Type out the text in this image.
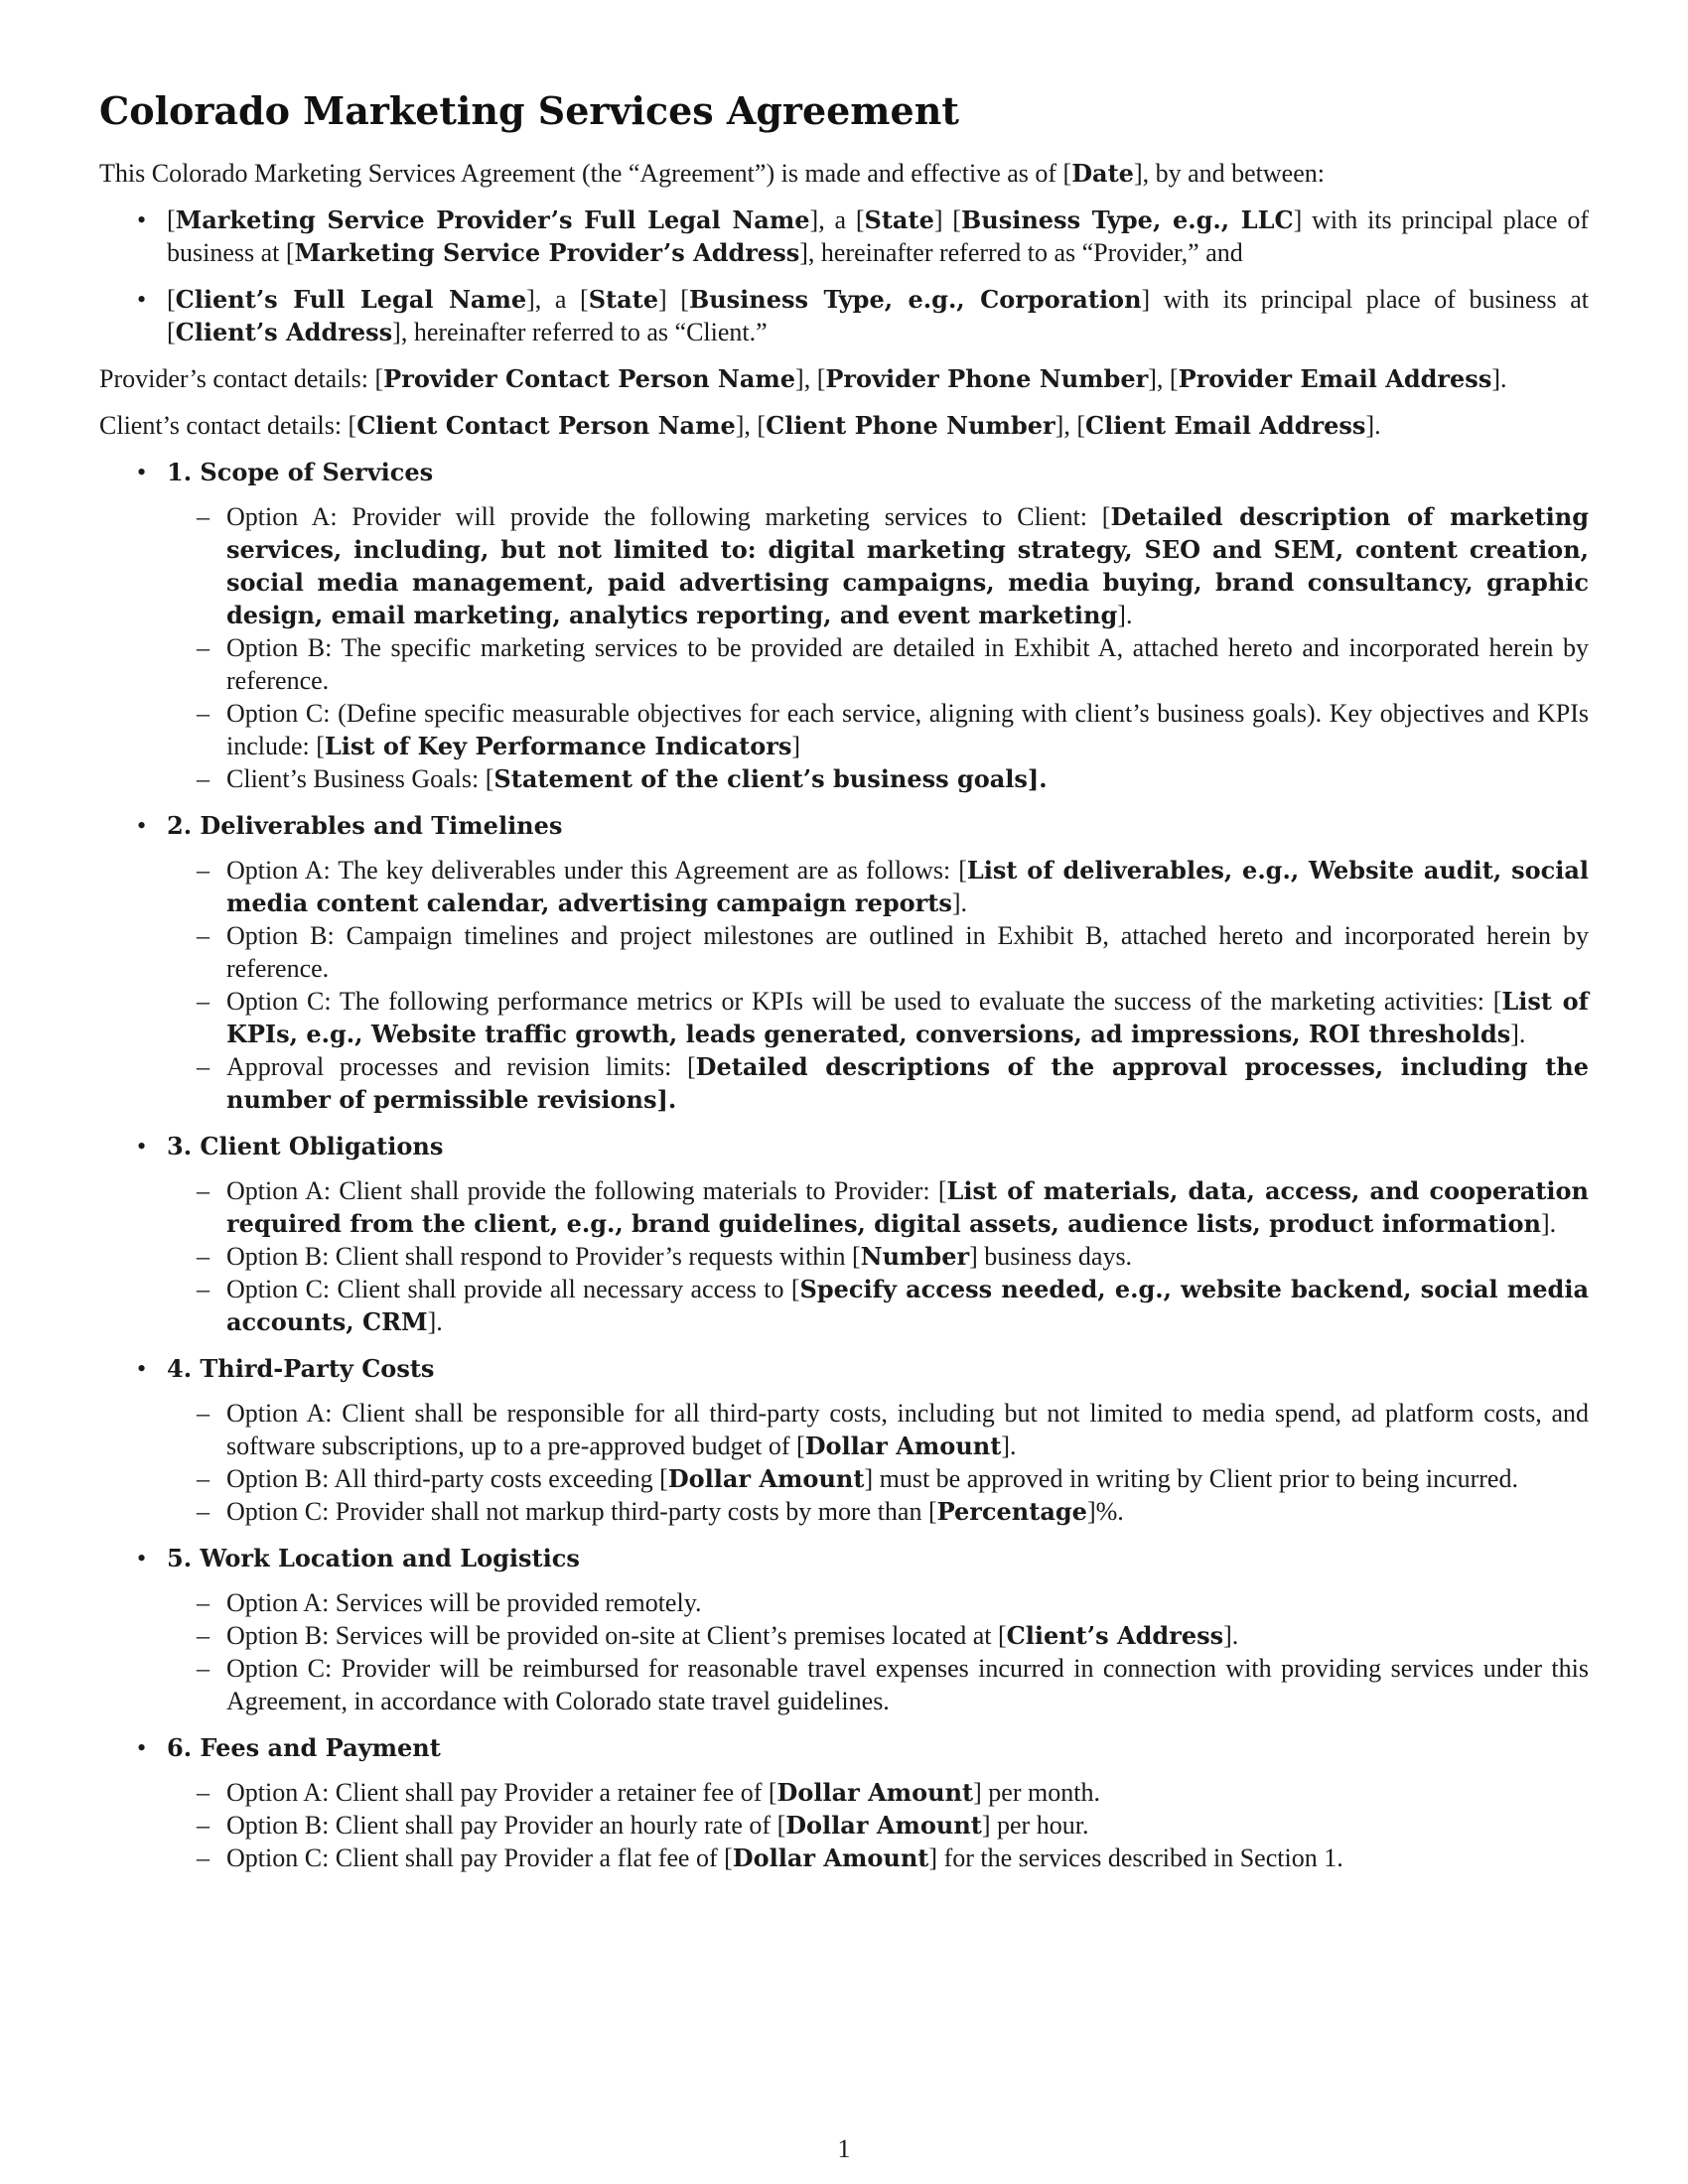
Colorado Marketing Services Agreement

This Colorado Marketing Services Agreement (the “Agreement”) is made and effective as of [Date], by and between:

• [Marketing Service Provider’s Full Legal Name], a [State] [Business Type, e.g., LLC] with its principal place of business at [Marketing Service Provider’s Address], hereinafter referred to as “Provider,” and
• [Client’s Full Legal Name], a [State] [Business Type, e.g., Corporation] with its principal place of business at [Client’s Address], hereinafter referred to as “Client.”

Provider’s contact details: [Provider Contact Person Name], [Provider Phone Number], [Provider Email Address].

Client’s contact details: [Client Contact Person Name], [Client Phone Number], [Client Email Address].

• 1. Scope of Services
– Option A: Provider will provide the following marketing services to Client: [Detailed description of marketing services, including, but not limited to: digital marketing strategy, SEO and SEM, content creation, social media management, paid advertising campaigns, media buying, brand consultancy, graphic design, email marketing, analytics reporting, and event marketing].
– Option B: The specific marketing services to be provided are detailed in Exhibit A, attached hereto and incorporated herein by reference.
– Option C: (Define specific measurable objectives for each service, aligning with client’s business goals). Key objectives and KPIs include: [List of Key Performance Indicators]
– Client’s Business Goals: [Statement of the client’s business goals].
• 2. Deliverables and Timelines
– Option A: The key deliverables under this Agreement are as follows: [List of deliverables, e.g., Website audit, social media content calendar, advertising campaign reports].
– Option B: Campaign timelines and project milestones are outlined in Exhibit B, attached hereto and incorporated herein by reference.
– Option C: The following performance metrics or KPIs will be used to evaluate the success of the marketing activities: [List of KPIs, e.g., Website traffic growth, leads generated, conversions, ad impressions, ROI thresholds].
– Approval processes and revision limits: [Detailed descriptions of the approval processes, including the number of permissible revisions].
• 3. Client Obligations
– Option A: Client shall provide the following materials to Provider: [List of materials, data, access, and cooperation required from the client, e.g., brand guidelines, digital assets, audience lists, product information].
– Option B: Client shall respond to Provider’s requests within [Number] business days.
– Option C: Client shall provide all necessary access to [Specify access needed, e.g., website backend, social media accounts, CRM].
• 4. Third-Party Costs
– Option A: Client shall be responsible for all third-party costs, including but not limited to media spend, ad platform costs, and software subscriptions, up to a pre-approved budget of [Dollar Amount].
– Option B: All third-party costs exceeding [Dollar Amount] must be approved in writing by Client prior to being incurred.
– Option C: Provider shall not markup third-party costs by more than [Percentage]%.
• 5. Work Location and Logistics
– Option A: Services will be provided remotely.
– Option B: Services will be provided on-site at Client’s premises located at [Client’s Address].
– Option C: Provider will be reimbursed for reasonable travel expenses incurred in connection with providing services under this Agreement, in accordance with Colorado state travel guidelines.
• 6. Fees and Payment
– Option A: Client shall pay Provider a retainer fee of [Dollar Amount] per month.
– Option B: Client shall pay Provider an hourly rate of [Dollar Amount] per hour.
– Option C: Client shall pay Provider a flat fee of [Dollar Amount] for the services described in Section 1.
1
